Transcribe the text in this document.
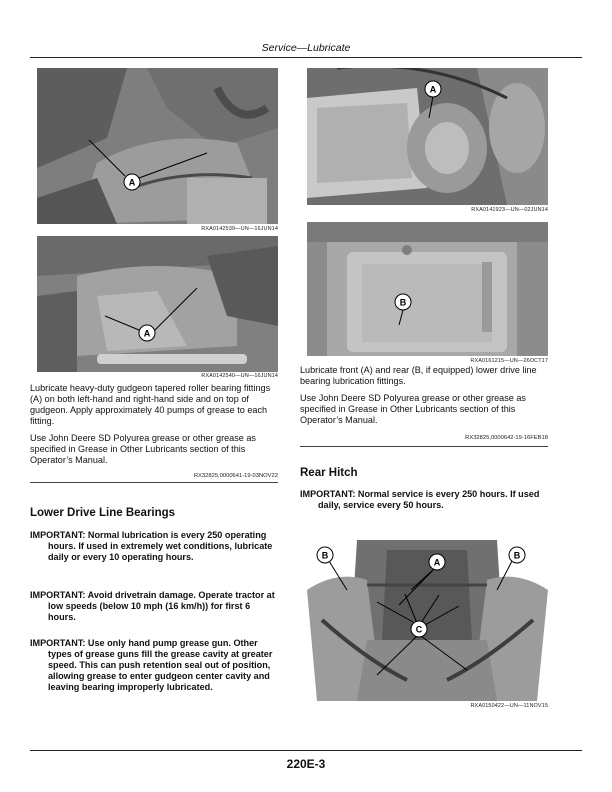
Service—Lubricate
A
RXA0142539—UN—16JUN14
A
RXA0142540—UN—16JUN14

Lubricate heavy-duty gudgeon tapered roller bearing fittings (A) on both left-hand and right-hand side and on top of gudgeon. Apply approximately 40 pumps of grease to each fitting.

Use John Deere SD Polyurea grease or other grease as specified in Grease in Other Lubricants section of this Operator’s Manual.

RX32825,0000641-19-03NOV22
Lower Drive Line Bearings

IMPORTANT: Normal lubrication is every 250 operating hours. If used in extremely wet conditions, lubricate daily or every 10 operating hours.

IMPORTANT: Avoid drivetrain damage. Operate tractor at low speeds (below 10 mph (16 km/h)) for first 6 hours.

IMPORTANT: Use only hand pump grease gun. Other types of grease guns fill the grease cavity at greater speed. This can push retention seal out of position, allowing grease to enter gudgeon center cavity and leaving bearing improperly lubricated.

A
RXA0141923—UN—02JUN14
B
RXA0161215—UN—26OCT17

Lubricate front (A) and rear (B, if equipped) lower drive line bearing lubrication fittings.

Use John Deere SD Polyurea grease or other grease as specified in Grease in Other Lubricants section of this Operator’s Manual.

RX32825,0000642-19-16FEB18
Rear Hitch

IMPORTANT: Normal service is every 250 hours. If used daily, service every 50 hours.

B
A
B
C
RXA0150422—UN—11NOV15
220E-3
